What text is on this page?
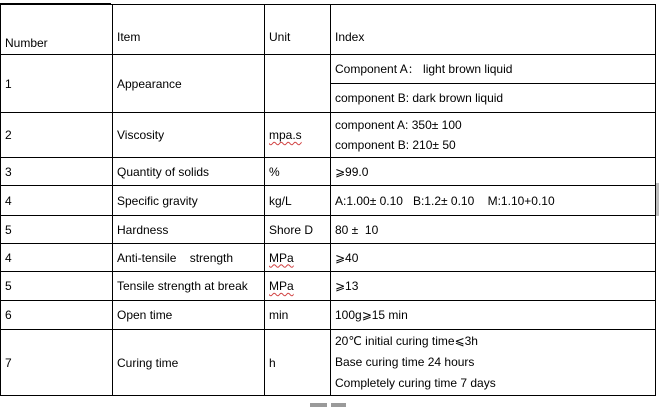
Number	Item	Unit	Index
1	Appearance		Component A： light brown liquid
component B: dark brown liquid

2	Viscosity	mpa.s	component A: 350± 100
component B: 210± 50

3	Quantity of solids	%	⩾99.0
4	Specific gravity	kg/L	A:1.00± 0.10   B:1.2± 0.10    M:1.10+0.10
5	Hardness	Shore D	80 ±  10
4	Anti-tensile    strength	MPa	⩾40
5	Tensile strength at break	MPa	⩾13
6	Open time	min	100g⩾15 min
7	Curing time	h	20℃ initial curing time⩽3h
Base curing time 24 hours
Completely curing time 7 days
